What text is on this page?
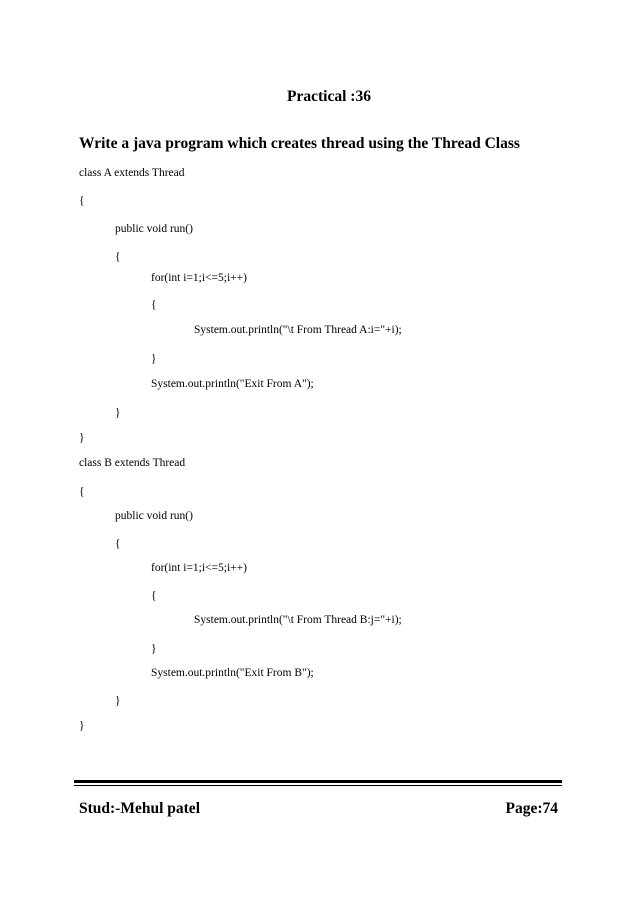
Practical :36
Write a java program which creates thread using the Thread Class
class A extends Thread
{
public void run()
{
for(int i=1;i<=5;i++)
{
System.out.println("\t From Thread A:i="+i);
}
System.out.println("Exit From A");
}
}
class B extends Thread
{
public void run()
{
for(int i=1;i<=5;i++)
{
System.out.println("\t From Thread B:j="+i);
}
System.out.println("Exit From B");
}
}
Stud:-Mehul patel	Page:74
